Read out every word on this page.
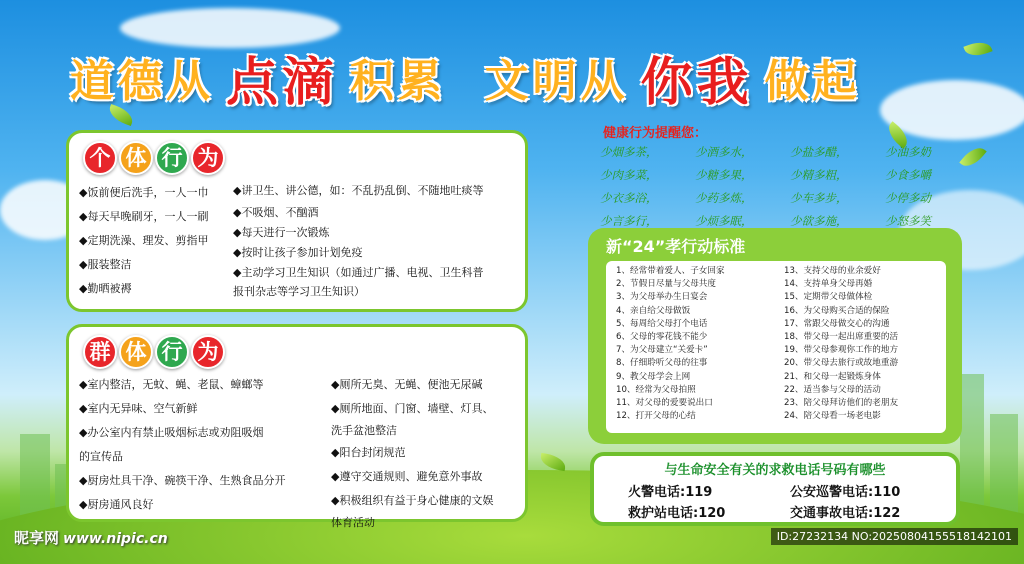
道德从 点滴 积累  文明从 你我 做起
个 体 行 为
◆饭前便后洗手，一人一巾
◆每天早晚刷牙，一人一刷
◆定期洗澡、理发、剪指甲
◆服装整洁
◆勤晒被褥
◆讲卫生、讲公德，如：不乱扔乱倒、不随地吐痰等
◆不吸烟、不酗酒
◆每天进行一次锻炼
◆按时让孩子参加计划免疫
◆主动学习卫生知识（如通过广播、电视、卫生科普
报刊杂志等学习卫生知识）
群 体 行 为
◆室内整洁，无蚊、蝇、老鼠、蟑螂等
◆室内无异味、空气新鲜
◆办公室内有禁止吸烟标志或劝阻吸烟
的宣传品
◆厨房灶具干净、碗筷干净、生熟食品分开
◆厨房通风良好
◆厕所无臭、无蝇、便池无尿碱
◆厕所地面、门窗、墙壁、灯具、
洗手盆池整洁
◆阳台封闭规范
◆遵守交通规则、避免意外事故
◆积极组织有益于身心健康的文娱
体育活动
健康行为提醒您：
少烟多茶，	少酒多水，	少盐多醋，	少油多奶
少肉多菜，	少糖多果，	少精多粗，	少食多嚼
少衣多浴，	少药多炼，	少车多步，	少停多动
少言多行，	少烦多眠，	少欲多施，	少怒多笑
新“24”孝行动标准
1、经常带着爱人、子女回家
2、节假日尽量与父母共度
3、为父母举办生日宴会
4、亲自给父母做饭
5、每周给父母打个电话
6、父母的零花钱不能少
7、为父母建立“关爱卡”
8、仔细聆听父母的往事
9、教父母学会上网
10、经常为父母拍照
11、对父母的爱要说出口
12、打开父母的心结
13、支持父母的业余爱好
14、支持单身父母再婚
15、定期带父母做体检
16、为父母购买合适的保险
17、常跟父母做交心的沟通
18、带父母一起出席重要的活
19、带父母参观你工作的地方
20、带父母去旅行或故地重游
21、和父母一起锻炼身体
22、适当参与父母的活动
23、陪父母拜访他们的老朋友
24、陪父母看一场老电影
与生命安全有关的求救电话号码有哪些
火警电话:119	公安巡警电话:110
救护站电话:120	交通事故电话:122
昵享网 www.nipic.cn	ID:27232134 NO:20250804155518142101
